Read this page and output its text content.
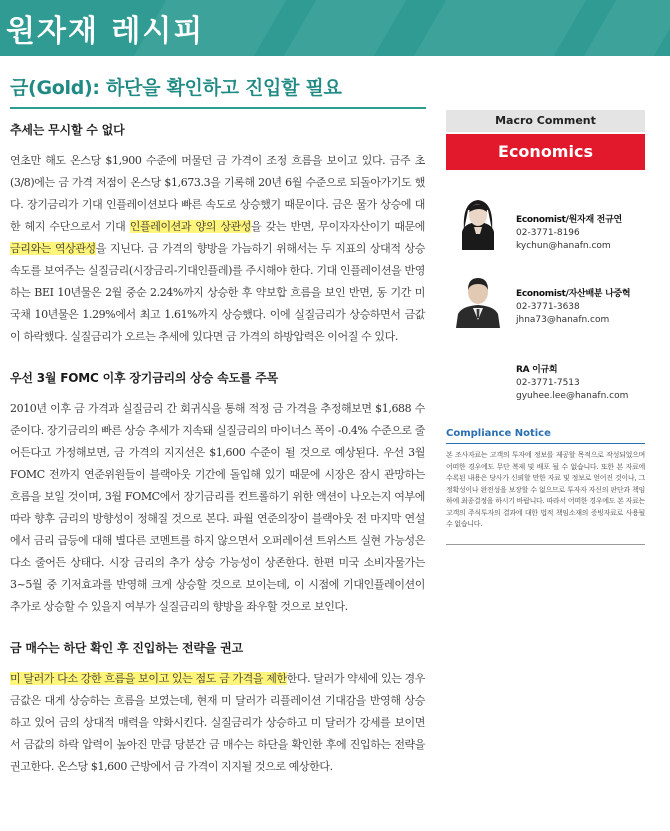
원자재 레시피
금(Gold): 하단을 확인하고 진입할 필요
추세는 무시할 수 없다
연초만 해도 온스당 $1,900 수준에 머물던 금 가격이 조정 흐름을 보이고 있다. 금주 초(3/8)에는 금 가격 저점이 온스당 $1,673.3을 기록해 20년 6월 수준으로 되돌아가기도 했다. 장기금리가 기대 인플레이션보다 빠른 속도로 상승했기 때문이다. 금은 물가 상승에 대한 헤지 수단으로서 기대 인플레이션과 양의 상관성을 갖는 반면, 무이자자산이기 때문에 금리와는 역상관성을 지닌다. 금 가격의 향방을 가늠하기 위해서는 두 지표의 상대적 상승 속도를 보여주는 실질금리(시장금리-기대인플레)를 주시해야 한다. 기대 인플레이션을 반영하는 BEI 10년물은 2월 중순 2.24%까지 상승한 후 약보합 흐름을 보인 반면, 동 기간 미 국채 10년물은 1.29%에서 최고 1.61%까지 상승했다. 이에 실질금리가 상승하면서 금값이 하락했다. 실질금리가 오르는 추세에 있다면 금 가격의 하방압력은 이어질 수 있다.
우선 3월 FOMC 이후 장기금리의 상승 속도를 주목
2010년 이후 금 가격과 실질금리 간 회귀식을 통해 적정 금 가격을 추정해보면 $1,688 수준이다. 장기금리의 빠른 상승 추세가 지속돼 실질금리의 마이너스 폭이 -0.4% 수준으로 줄어든다고 가정해보면, 금 가격의 지지선은 $1,600 수준이 될 것으로 예상된다. 우선 3월 FOMC 전까지 연준위원들이 블랙아웃 기간에 돌입해 있기 때문에 시장은 잠시 관망하는 흐름을 보일 것이며, 3월 FOMC에서 장기금리를 컨트롤하기 위한 액션이 나오는지 여부에 따라 향후 금리의 방향성이 정해질 것으로 본다. 파월 연준의장이 블랙아웃 전 마지막 연설에서 금리 급등에 대해 별다른 코멘트를 하지 않으면서 오퍼레이션 트위스트 실현 가능성은 다소 줄어든 상태다. 시장 금리의 추가 상승 가능성이 상존한다. 한편 미국 소비자물가는 3~5월 중 기저효과를 반영해 크게 상승할 것으로 보이는데, 이 시점에 기대인플레이션이 추가로 상승할 수 있을지 여부가 실질금리의 향방을 좌우할 것으로 보인다.
금 매수는 하단 확인 후 진입하는 전략을 권고
미 달러가 다소 강한 흐름을 보이고 있는 점도 금 가격을 제한한다. 달러가 약세에 있는 경우 금값은 대게 상승하는 흐름을 보였는데, 현재 미 달러가 리플레이션 기대감을 반영해 상승하고 있어 금의 상대적 매력을 약화시킨다. 실질금리가 상승하고 미 달러가 강세를 보이면서 금값의 하락 압력이 높아진 만큼 당분간 금 매수는 하단을 확인한 후에 진입하는 전략을 권고한다. 온스당 $1,600 근방에서 금 가격이 지지될 것으로 예상한다.
Macro Comment
Economics
Economist/원자재 전규연
02-3771-8196
kychun@hanafn.com
Economist/자산배분 나중혁
02-3771-3638
jhna73@hanafn.com
RA 이규희
02-3771-7513
gyuhee.lee@hanafn.com
Compliance Notice
본 조사자료는 고객의 투자에 정보를 제공할 목적으로 작성되었으며 어떠한 경우에도 무단 복제 및 배포 될 수 없습니다. 또한 본 자료에 수록된 내용은 당사가 신뢰할 만한 자료 및 정보로 얻어진 것이나, 그 정확성이나 완전성을 보장할 수 없으므로 투자자 자신의 판단과 책임하에 최종결정을 하시기 바랍니다. 따라서 어떠한 경우에도 본 자료는 고객의 주식투자의 결과에 대한 법적 책임소재의 증빙자료로 사용될 수 없습니다.
